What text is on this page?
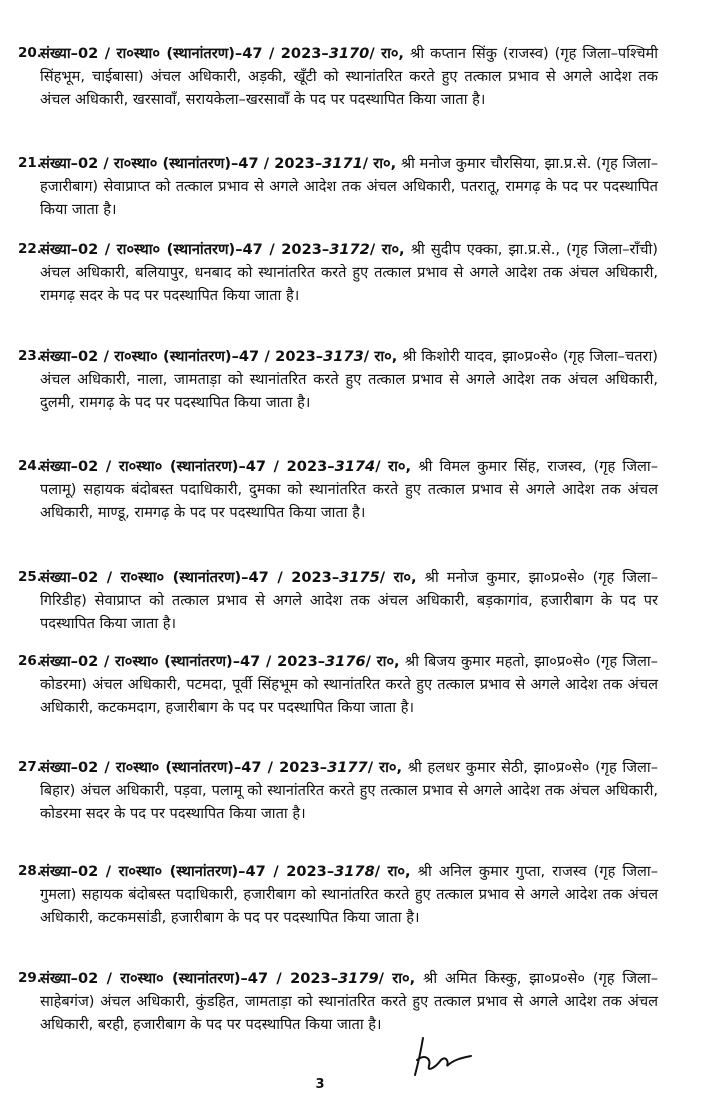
20.
संख्या–02 / रा०स्था० (स्थानांतरण)–47 / 2023–3170/ रा०, श्री कप्तान सिंकु (राजस्व) (गृह जिला–पश्चिमी सिंहभूम, चाईबासा) अंचल अधिकारी, अड़की, खूँटी को स्थानांतरित करते हुए तत्काल प्रभाव से अगले आदेश तक अंचल अधिकारी, खरसावाँ, सरायकेला–खरसावाँ के पद पर पदस्थापित किया जाता है।
21.
संख्या–02 / रा०स्था० (स्थानांतरण)–47 / 2023–3171/ रा०, श्री मनोज कुमार चौरसिया, झा.प्र.से. (गृह जिला–हजारीबाग) सेवाप्राप्त को तत्काल प्रभाव से अगले आदेश तक अंचल अधिकारी, पतरातू, रामगढ़ के पद पर पदस्थापित किया जाता है।
22.
संख्या–02 / रा०स्था० (स्थानांतरण)–47 / 2023–3172/ रा०, श्री सुदीप एक्का, झा.प्र.से., (गृह जिला–राँची) अंचल अधिकारी, बलियापुर, धनबाद को स्थानांतरित करते हुए तत्काल प्रभाव से अगले आदेश तक अंचल अधिकारी, रामगढ़ सदर के पद पर पदस्थापित किया जाता है।
23.
संख्या–02 / रा०स्था० (स्थानांतरण)–47 / 2023–3173/ रा०, श्री किशोरी यादव, झा०प्र०से० (गृह जिला–चतरा) अंचल अधिकारी, नाला, जामताड़ा को स्थानांतरित करते हुए तत्काल प्रभाव से अगले आदेश तक अंचल अधिकारी, दुलमी, रामगढ़ के पद पर पदस्थापित किया जाता है।
24.
संख्या–02 / रा०स्था० (स्थानांतरण)–47 / 2023–3174/ रा०, श्री विमल कुमार सिंह, राजस्व, (गृह जिला–पलामू) सहायक बंदोबस्त पदाधिकारी, दुमका को स्थानांतरित करते हुए तत्काल प्रभाव से अगले आदेश तक अंचल अधिकारी, माण्डू, रामगढ़ के पद पर पदस्थापित किया जाता है।
25.
संख्या–02 / रा०स्था० (स्थानांतरण)–47 / 2023–3175/ रा०, श्री मनोज कुमार, झा०प्र०से० (गृह जिला–गिरिडीह) सेवाप्राप्त को तत्काल प्रभाव से अगले आदेश तक अंचल अधिकारी, बड़कागांव, हजारीबाग के पद पर पदस्थापित किया जाता है।
26.
संख्या–02 / रा०स्था० (स्थानांतरण)–47 / 2023–3176/ रा०, श्री बिजय कुमार महतो, झा०प्र०से० (गृह जिला–कोडरमा) अंचल अधिकारी, पटमदा, पूर्वी सिंहभूम को स्थानांतरित करते हुए तत्काल प्रभाव से अगले आदेश तक अंचल अधिकारी, कटकमदाग, हजारीबाग के पद पर पदस्थापित किया जाता है।
27.
संख्या–02 / रा०स्था० (स्थानांतरण)–47 / 2023–3177/ रा०, श्री हलधर कुमार सेठी, झा०प्र०से० (गृह जिला–बिहार) अंचल अधिकारी, पड़वा, पलामू को स्थानांतरित करते हुए तत्काल प्रभाव से अगले आदेश तक अंचल अधिकारी, कोडरमा सदर के पद पर पदस्थापित किया जाता है।
28.
संख्या–02 / रा०स्था० (स्थानांतरण)–47 / 2023–3178/ रा०, श्री अनिल कुमार गुप्ता, राजस्व (गृह जिला–गुमला) सहायक बंदोबस्त पदाधिकारी, हजारीबाग को स्थानांतरित करते हुए तत्काल प्रभाव से अगले आदेश तक अंचल अधिकारी, कटकमसांडी, हजारीबाग के पद पर पदस्थापित किया जाता है।
29.
संख्या–02 / रा०स्था० (स्थानांतरण)–47 / 2023–3179/ रा०, श्री अमित किस्कु, झा०प्र०से० (गृह जिला–साहेबगंज) अंचल अधिकारी, कुंडहित, जामताड़ा को स्थानांतरित करते हुए तत्काल प्रभाव से अगले आदेश तक अंचल अधिकारी, बरही, हजारीबाग के पद पर पदस्थापित किया जाता है।
3
